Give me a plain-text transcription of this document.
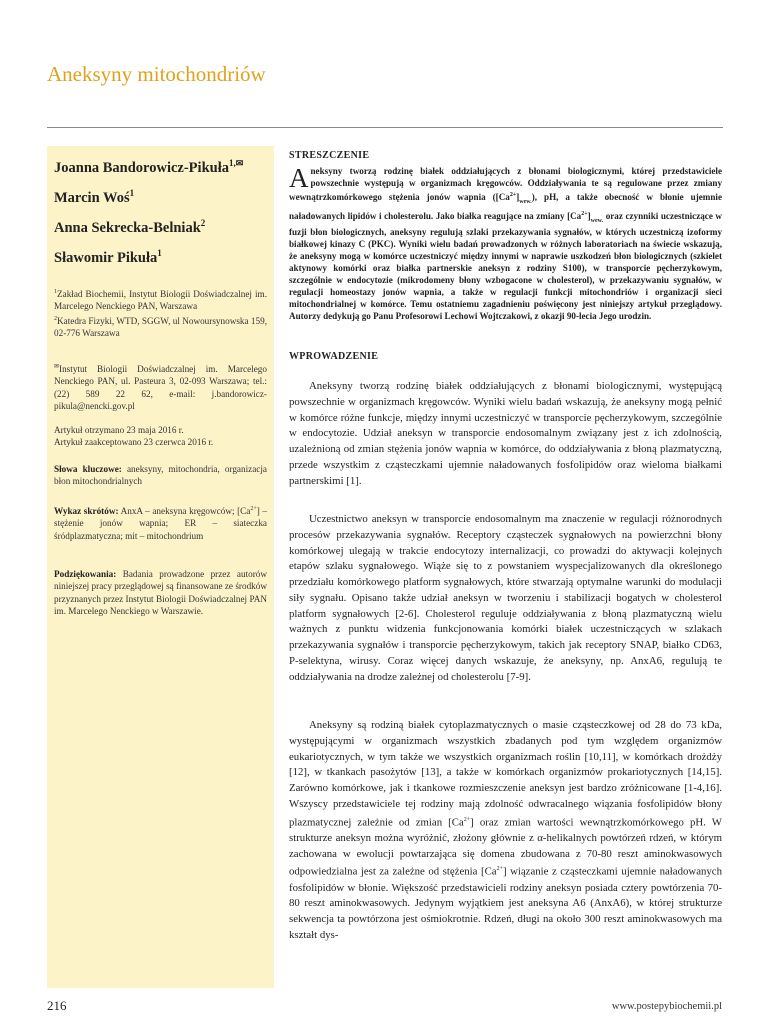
Aneksyny mitochondriów
Joanna Bandorowicz-Pikuła$^{1,✉}$
Marcin Woś$^1$
Anna Sekrecka-Belniak$^2$
Sławomir Pikuła$^1$
$^1$Zakład Biochemii, Instytut Biologii Doświadczalnej im. Marcelego Nenckiego PAN, Warszawa
$^2$Katedra Fizyki, WTD, SGGW, ul Nowoursynowska 159, 02-776 Warszawa
✉Instytut Biologii Doświadczalnej im. Marcelego Nenckiego PAN, ul. Pasteura 3, 02-093 Warszawa; tel.: (22) 589 22 62, e-mail: j.bandorowicz-pikula@nencki.gov.pl
Artykuł otrzymano 23 maja 2016 r.
Artykuł zaakceptowano 23 czerwca 2016 r.
Słowa kluczowe: aneksyny, mitochondria, organizacja błon mitochondrialnych
Wykaz skrótów: AnxA – aneksyna kręgowców; $[Ca^{2+}]$ – stężenie jonów wapnia; ER – siateczka śródplazmatyczna; mit – mitochondrium
Podziękowania: Badania prowadzone przez autorów niniejszej pracy przeglądowej są finansowane ze środków przyznanych przez Instytut Biologii Doświadczalnej PAN im. Marcelego Nenckiego w Warszawie.
STRESZCZENIE
Aneksyny tworzą rodzinę białek oddziałujących z błonami biologicznymi, której przedstawiciele powszechnie występują w organizmach kręgowców. Oddziaływania te są regulowane przez zmiany wewnątrzkomórkowego stężenia jonów wapnia $([Ca^{2+}]_{wew.})$, pH, a także obecność w błonie ujemnie naładowanych lipidów i cholesterolu. Jako białka reagujące na zmiany $[Ca^{2+}]_{wew.}$ oraz czynniki uczestniczące w fuzji błon biologicznych, aneksyny regulują szlaki przekazywania sygnałów, w których uczestniczą izoformy białkowej kinazy C (PKC). Wyniki wielu badań prowadzonych w różnych laboratoriach na świecie wskazują, że aneksyny mogą w komórce uczestniczyć między innymi w naprawie uszkodzeń błon biologicznych (szkielet aktynowy komórki oraz białka partnerskie aneksyn z rodziny S100), w transporcie pęcherzykowym, szczególnie w endocytozie (mikrodomeny błony wzbogacone w cholesterol), w przekazywaniu sygnałów, w regulacji homeostazy jonów wapnia, a także w regulacji funkcji mitochondriów i organizacji sieci mitochondrialnej w komórce. Temu ostatniemu zagadnieniu poświęcony jest niniejszy artykuł przeglądowy. Autorzy dedykują go Panu Profesorowi Lechowi Wojtczakowi, z okazji 90-lecia Jego urodzin.
WPROWADZENIE
Aneksyny tworzą rodzinę białek oddziałujących z błonami biologicznymi, występującą powszechnie w organizmach kręgowców. Wyniki wielu badań wskazują, że aneksyny mogą pełnić w komórce różne funkcje, między innymi uczestniczyć w transporcie pęcherzykowym, szczególnie w endocytozie. Udział aneksyn w transporcie endosomalnym związany jest z ich zdolnością, uzależnioną od zmian stężenia jonów wapnia w komórce, do oddziaływania z błoną plazmatyczną, przede wszystkim z cząsteczkami ujemnie naładowanych fosfolipidów oraz wieloma białkami partnerskimi [1].
Uczestnictwo aneksyn w transporcie endosomalnym ma znaczenie w regulacji różnorodnych procesów przekazywania sygnałów. Receptory cząsteczek sygnałowych na powierzchni błony komórkowej ulegają w trakcie endocytozy internalizacji, co prowadzi do aktywacji kolejnych etapów szlaku sygnałowego. Wiąże się to z powstaniem wyspecjalizowanych dla określonego przedziału komórkowego platform sygnałowych, które stwarzają optymalne warunki do modulacji siły sygnału. Opisano także udział aneksyn w tworzeniu i stabilizacji bogatych w cholesterol platform sygnałowych [2-6]. Cholesterol reguluje oddziaływania z błoną plazmatyczną wielu ważnych z punktu widzenia funkcjonowania komórki białek uczestniczących w szlakach przekazywania sygnałów i transporcie pęcherzykowym, takich jak receptory SNAP, białko CD63, P-selektyna, wirusy. Coraz więcej danych wskazuje, że aneksyny, np. AnxA6, regulują te oddziaływania na drodze zależnej od cholesterolu [7-9].
Aneksyny są rodziną białek cytoplazmatycznych o masie cząsteczkowej od 28 do 73 kDa, występującymi w organizmach wszystkich zbadanych pod tym względem organizmów eukariotycznych, w tym także we wszystkich organizmach roślin [10,11], w komórkach drożdży [12], w tkankach pasożytów [13], a także w komórkach organizmów prokariotycznych [14,15]. Zarówno komórkowe, jak i tkankowe rozmieszczenie aneksyn jest bardzo zróżnicowane [1-4,16]. Wszyscy przedstawiciele tej rodziny mają zdolność odwracalnego wiązania fosfolipidów błony plazmatycznej zależnie od zmian $[Ca^{2+}]$ oraz zmian wartości wewnątrzkomórkowego pH. W strukturze aneksyn można wyróżnić, złożony głównie z α-helikalnych powtórzeń rdzeń, w którym zachowana w ewolucji powtarzająca się domena zbudowana z 70-80 reszt aminokwasowych odpowiedzialna jest za zależne od stężenia $[Ca^{2+}]$ wiązanie z cząsteczkami ujemnie naładowanych fosfolipidów w błonie. Większość przedstawicieli rodziny aneksyn posiada cztery powtórzenia 70-80 reszt aminokwasowych. Jedynym wyjątkiem jest aneksyna A6 (AnxA6), w której strukturze sekwencja ta powtórzona jest ośmiokrotnie. Rdzeń, długi na około 300 reszt aminokwasowych ma kształt dys-
216	www.postepybiochemii.pl
